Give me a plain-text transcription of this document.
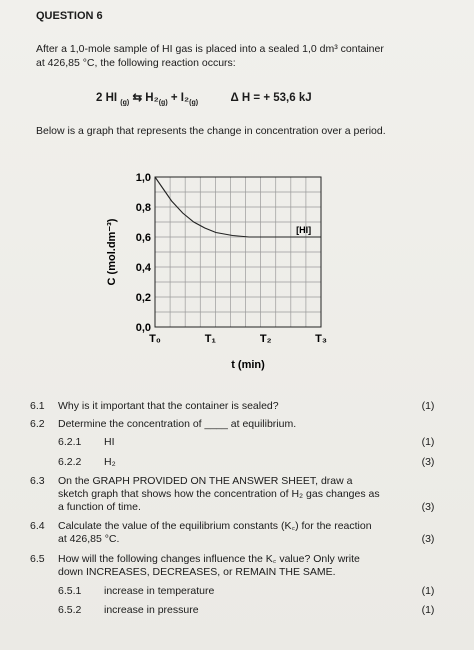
QUESTION 6
After a 1,0-mole sample of HI gas is placed into a sealed 1,0 dm³ container
at 426,85 °C, the following reaction occurs:
2 HI $_{(g)}$ ⇆ $H_2_{(g)} + I_2_{(g)}$	Δ H = + 53,6 kJ
Below is a graph that represents the change in concentration over a period.
0,0
0,2
0,4
0,6
0,8
1,0
T₀	T₁	T₂	T₃
[HI]
C (mol.dm⁻³)
t (min)
6.1 Why is it important that the container is sealed?	(1)
6.2 Determine the concentration of ____ at equilibrium.
6.2.1 HI	(1)
6.2.2 H₂	(3)
6.3 On the GRAPH PROVIDED ON THE ANSWER SHEET, draw a
sketch graph that shows how the concentration of H₂ gas changes as
a function of time.	(3)
6.4 Calculate the value of the equilibrium constants (K꜀) for the reaction
at 426,85 °C.	(3)
6.5 How will the following changes influence the K꜀ value? Only write
down INCREASES, DECREASES, or REMAIN THE SAME.
6.5.1 increase in temperature	(1)
6.5.2 increase in pressure	(1)
